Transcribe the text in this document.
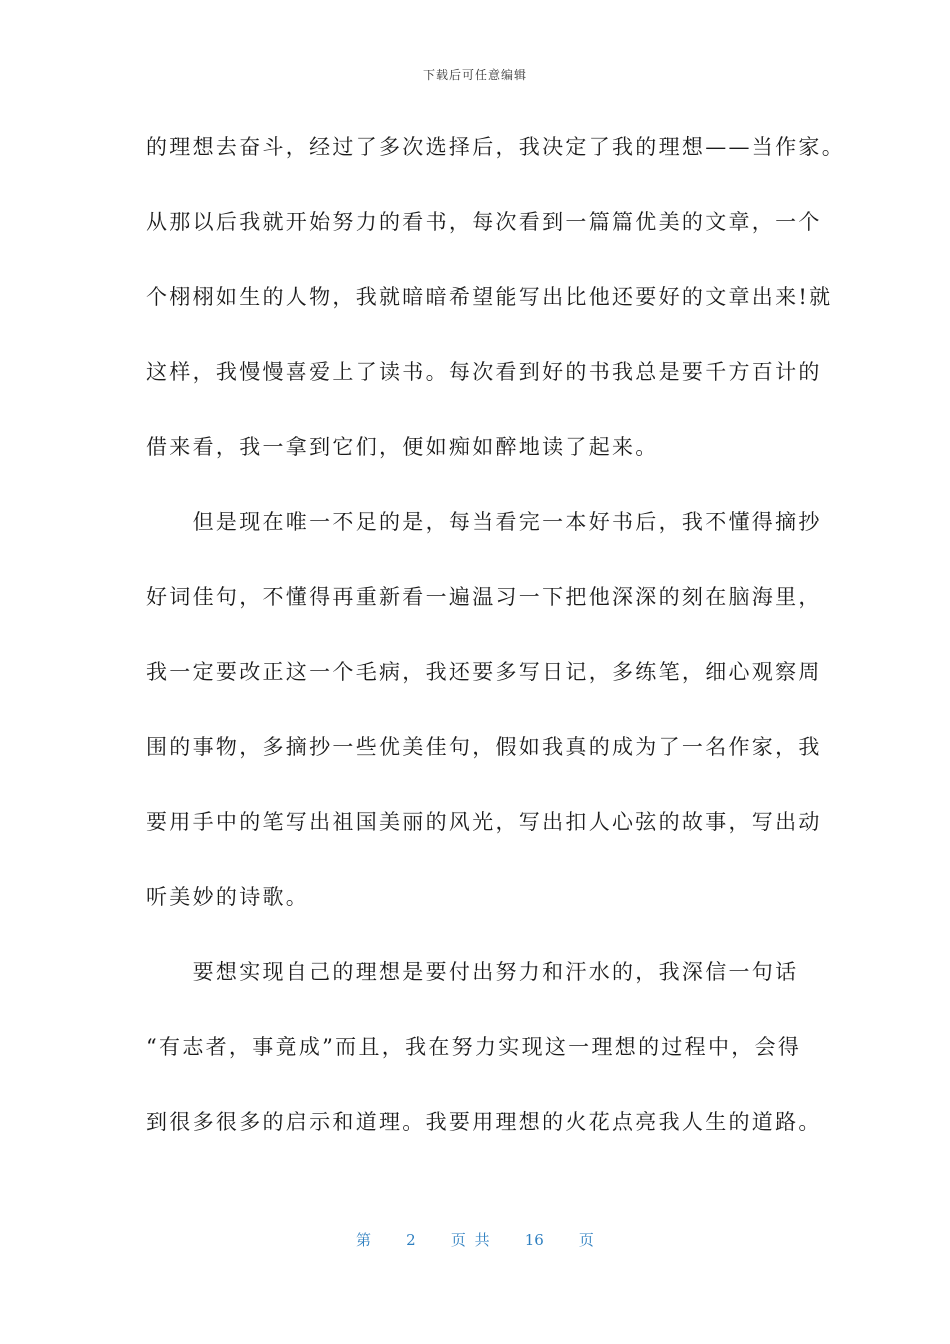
下载后可任意编辑
的理想去奋斗，经过了多次选择后，我决定了我的理想——当作家。
从那以后我就开始努力的看书，每次看到一篇篇优美的文章，一个
个栩栩如生的人物，我就暗暗希望能写出比他还要好的文章出来!就
这样，我慢慢喜爱上了读书。每次看到好的书我总是要千方百计的
借来看，我一拿到它们，便如痴如醉地读了起来。
　　但是现在唯一不足的是，每当看完一本好书后，我不懂得摘抄
好词佳句，不懂得再重新看一遍温习一下把他深深的刻在脑海里，
我一定要改正这一个毛病，我还要多写日记，多练笔，细心观察周
围的事物，多摘抄一些优美佳句，假如我真的成为了一名作家，我
要用手中的笔写出祖国美丽的风光，写出扣人心弦的故事，写出动
听美妙的诗歌。
　　要想实现自己的理想是要付出努力和汗水的，我深信一句话
“有志者，事竟成”而且，我在努力实现这一理想的过程中，会得
到很多很多的启示和道理。我要用理想的火花点亮我人生的道路。
第 2 页 共 16 页
